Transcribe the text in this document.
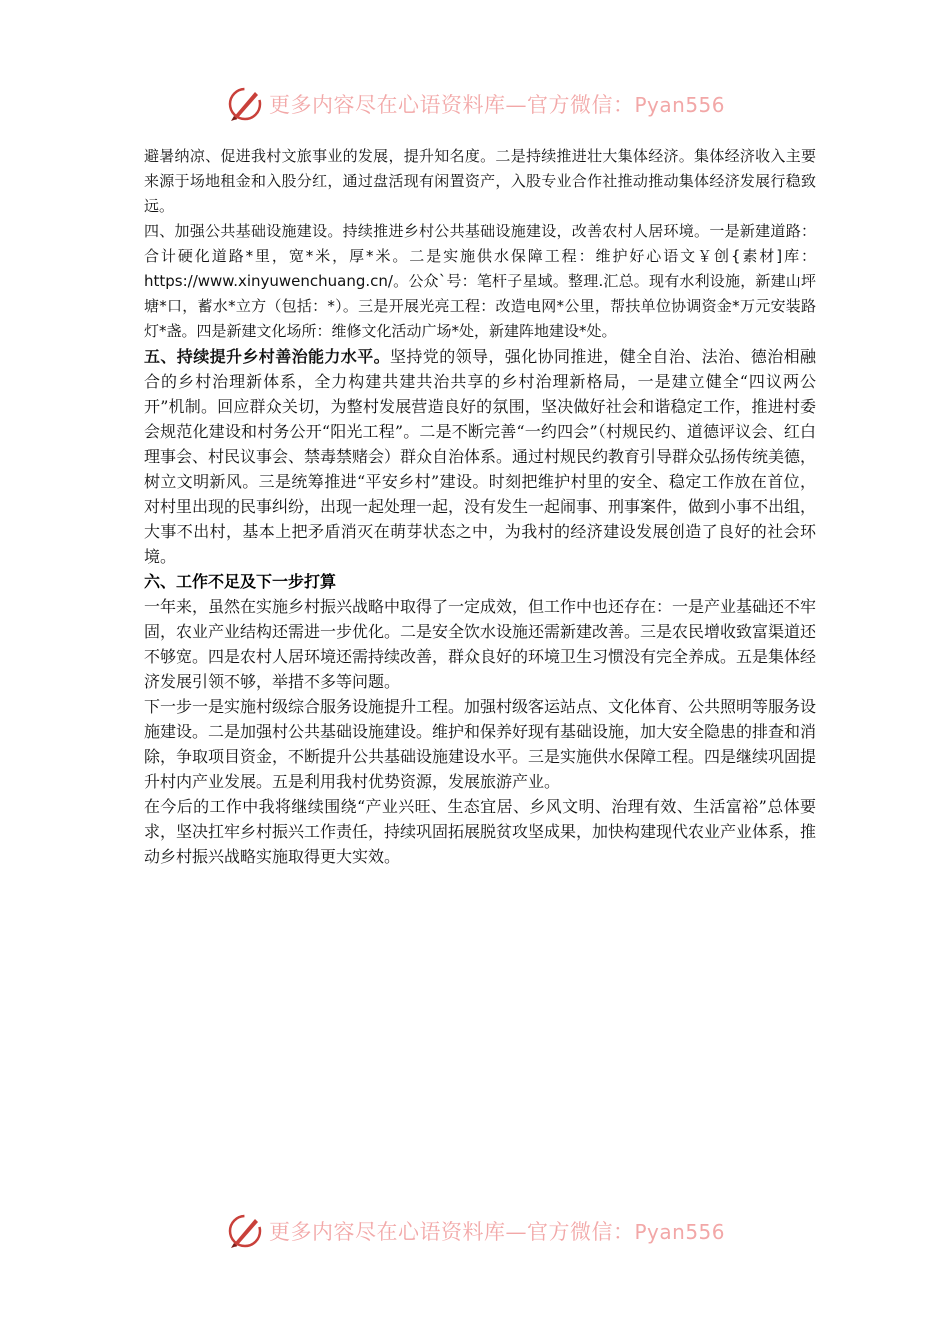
更多内容尽在心语资料库—官方微信：Pyan556

避暑纳凉、促进我村文旅事业的发展，提升知名度。二是持续推进壮大集体经济。集体经济收入主要来源于场地租金和入股分红，通过盘活现有闲置资产，入股专业合作社推动推动集体经济发展行稳致远。

四、加强公共基础设施建设。持续推进乡村公共基础设施建设，改善农村人居环境。一是新建道路：合计硬化道路*里，宽*米，厚*米。二是实施供水保障工程：维护好心语文￥创{素材]库：https://www.xinyuwenchuang.cn/。公众`号：笔杆子星域。整理.汇总。现有水利设施，新建山坪塘*口，蓄水*立方（包括：*）。三是开展光亮工程：改造电网*公里，帮扶单位协调资金*万元安装路灯*盏。四是新建文化场所：维修文化活动广场*处，新建阵地建设*处。

五、持续提升乡村善治能力水平。坚持党的领导，强化协同推进，健全自治、法治、德治相融合的乡村治理新体系，全力构建共建共治共享的乡村治理新格局，一是建立健全“四议两公开”机制。回应群众关切，为整村发展营造良好的氛围，坚决做好社会和谐稳定工作，推进村委会规范化建设和村务公开“阳光工程”。二是不断完善“一约四会”（村规民约、道德评议会、红白理事会、村民议事会、禁毒禁赌会）群众自治体系。通过村规民约教育引导群众弘扬传统美德，树立文明新风。三是统筹推进“平安乡村”建设。时刻把维护村里的安全、稳定工作放在首位，对村里出现的民事纠纷，出现一起处理一起，没有发生一起闹事、刑事案件，做到小事不出组，大事不出村，基本上把矛盾消灭在萌芽状态之中，为我村的经济建设发展创造了良好的社会环境。

六、工作不足及下一步打算

一年来，虽然在实施乡村振兴战略中取得了一定成效，但工作中也还存在：一是产业基础还不牢固，农业产业结构还需进一步优化。二是安全饮水设施还需新建改善。三是农民增收致富渠道还不够宽。四是农村人居环境还需持续改善，群众良好的环境卫生习惯没有完全养成。五是集体经济发展引领不够，举措不多等问题。

下一步一是实施村级综合服务设施提升工程。加强村级客运站点、文化体育、公共照明等服务设施建设。二是加强村公共基础设施建设。维护和保养好现有基础设施，加大安全隐患的排查和消除，争取项目资金，不断提升公共基础设施建设水平。三是实施供水保障工程。四是继续巩固提升村内产业发展。五是利用我村优势资源，发展旅游产业。

在今后的工作中我将继续围绕“产业兴旺、生态宜居、乡风文明、治理有效、生活富裕”总体要求，坚决扛牢乡村振兴工作责任，持续巩固拓展脱贫攻坚成果，加快构建现代农业产业体系，推动乡村振兴战略实施取得更大实效。

更多内容尽在心语资料库—官方微信：Pyan556
